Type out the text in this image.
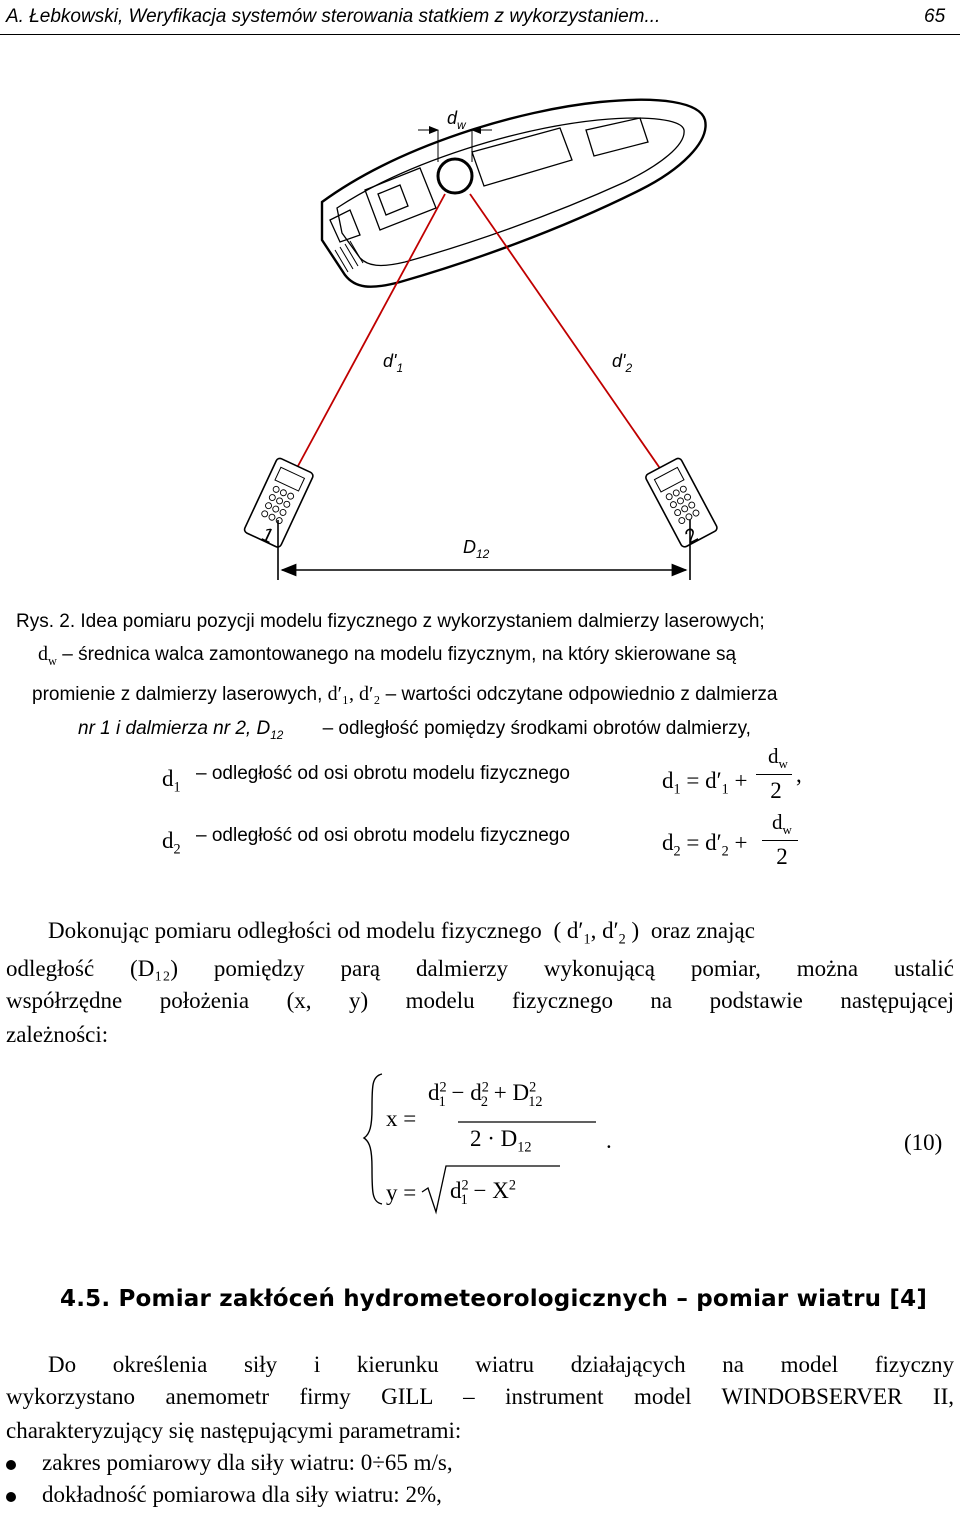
A. Łebkowski, Weryfikacja systemów sterowania statkiem z wykorzystaniem...	65
$d_w$
$d'_1$	$d'_2$
1	2
$D_{12}$
Rys. 2. Idea pomiaru pozycji modelu fizycznego z wykorzystaniem dalmierzy laserowych;
$d_w$ – średnica walca zamontowanego na modelu fizycznym, na który skierowane są
promienie z dalmierzy laserowych, d′₁, d′₂ – wartości odczytane odpowiednio z dalmierza
nr 1 i dalmierza nr 2, $D_{12}$ – odległość pomiędzy środkami obrotów dalmierzy,
$d_1$
– odległość od osi obrotu modelu fizycznego	$d_1 = d'_1$ +
$d_w$
2
,
$d_2$
– odległość od osi obrotu modelu fizycznego	$d_2 = d'_2$ +
$d_w$
2
Dokonując pomiaru odległości od modelu fizycznego ( $d'_1$, $d'_2$ ) oraz znając
odległość (D₁₂) pomiędzy parą dalmierzy wykonującą pomiar, można ustalić
współrzędne położenia (x, y) modelu fizycznego na podstawie następującej
zależności:
x =
$d^2_1 - d^2_2 + D^2_{12}$
$2 \cdot D_{12}$	.
$y = d^2_1 - X^2$
(10)
4.5. Pomiar zakłóceń hydrometeorologicznych – pomiar wiatru [4]
Do określenia siły i kierunku wiatru działających na model fizyczny
wykorzystano anemometr firmy GILL – instrument model WINDOBSERVER II,
charakteryzujący się następującymi parametrami:
zakres pomiarowy dla siły wiatru: 0÷65 m/s,
dokładność pomiarowa dla siły wiatru: 2%,
